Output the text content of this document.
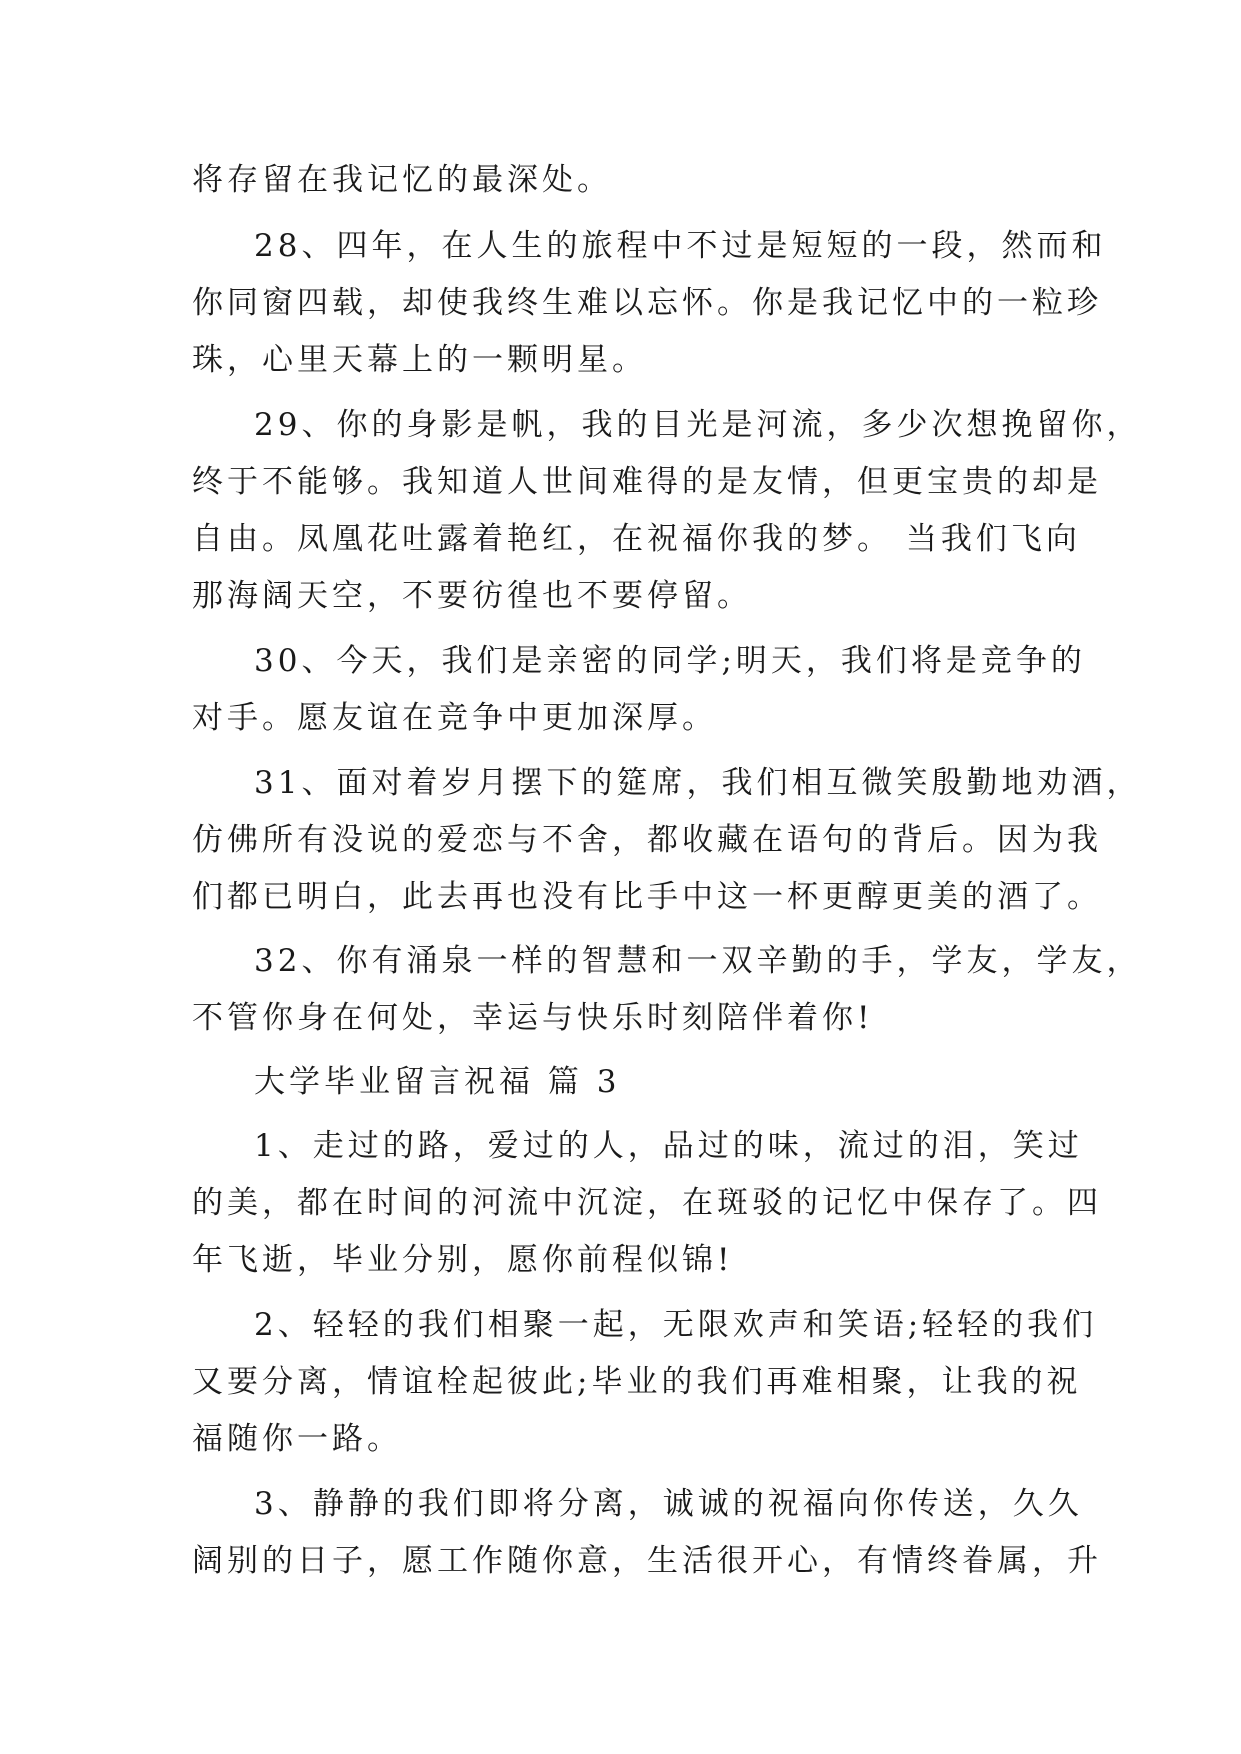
将存留在我记忆的最深处。
28、四年，在人生的旅程中不过是短短的一段，然而和
你同窗四载，却使我终生难以忘怀。你是我记忆中的一粒珍
珠，心里天幕上的一颗明星。
29、你的身影是帆，我的目光是河流，多少次想挽留你，
终于不能够。我知道人世间难得的是友情，但更宝贵的却是
自由。凤凰花吐露着艳红，在祝福你我的梦。 当我们飞向
那海阔天空，不要彷徨也不要停留。
30、今天，我们是亲密的同学;明天，我们将是竞争的
对手。愿友谊在竞争中更加深厚。
31、面对着岁月摆下的筵席，我们相互微笑殷勤地劝酒，
仿佛所有没说的爱恋与不舍，都收藏在语句的背后。因为我
们都已明白，此去再也没有比手中这一杯更醇更美的酒了。
32、你有涌泉一样的智慧和一双辛勤的手，学友，学友，
不管你身在何处，幸运与快乐时刻陪伴着你!
大学毕业留言祝福 篇 3
1、走过的路，爱过的人，品过的味，流过的泪，笑过
的美，都在时间的河流中沉淀，在斑驳的记忆中保存了。四
年飞逝，毕业分别，愿你前程似锦!
2、轻轻的我们相聚一起，无限欢声和笑语;轻轻的我们
又要分离，情谊栓起彼此;毕业的我们再难相聚，让我的祝
福随你一路。
3、静静的我们即将分离，诚诚的祝福向你传送，久久
阔别的日子，愿工作随你意，生活很开心，有情终眷属，升
